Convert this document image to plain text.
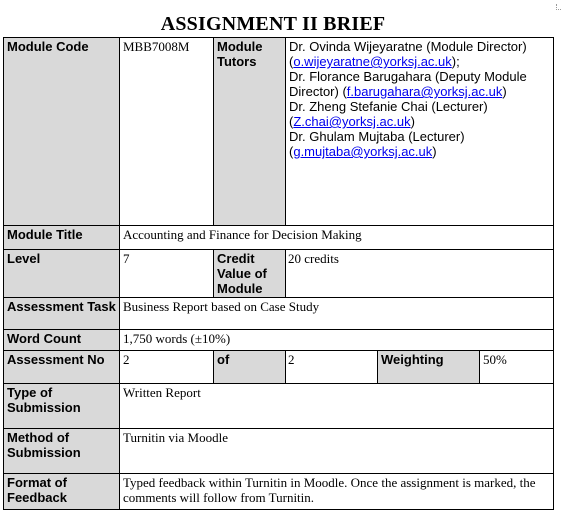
ASSIGNMENT II BRIEF
Module Code	MBB7008M	Module Tutors	Dr. Ovinda Wijeyaratne (Module Director) (o.wijeyaratne@yorksj.ac.uk);
Dr. Florance Barugahara (Deputy Module Director) (f.barugahara@yorksj.ac.uk)
Dr. Zheng Stefanie Chai (Lecturer) (Z.chai@yorksj.ac.uk)
Dr. Ghulam Mujtaba (Lecturer) (g.mujtaba@yorksj.ac.uk)		
Module Title	Accounting and Finance for Decision Making				
Level	7	Credit Value of Module	20 credits		
Assessment Task	Business Report based on Case Study				
Word Count	1,750 words (±10%)				
Assessment No	2	of	2	Weighting	50%
Type of Submission	Written Report				
Method of Submission	Turnitin via Moodle				
Format of Feedback	Typed feedback within Turnitin in Moodle. Once the assignment is marked, the comments will follow from Turnitin.				
